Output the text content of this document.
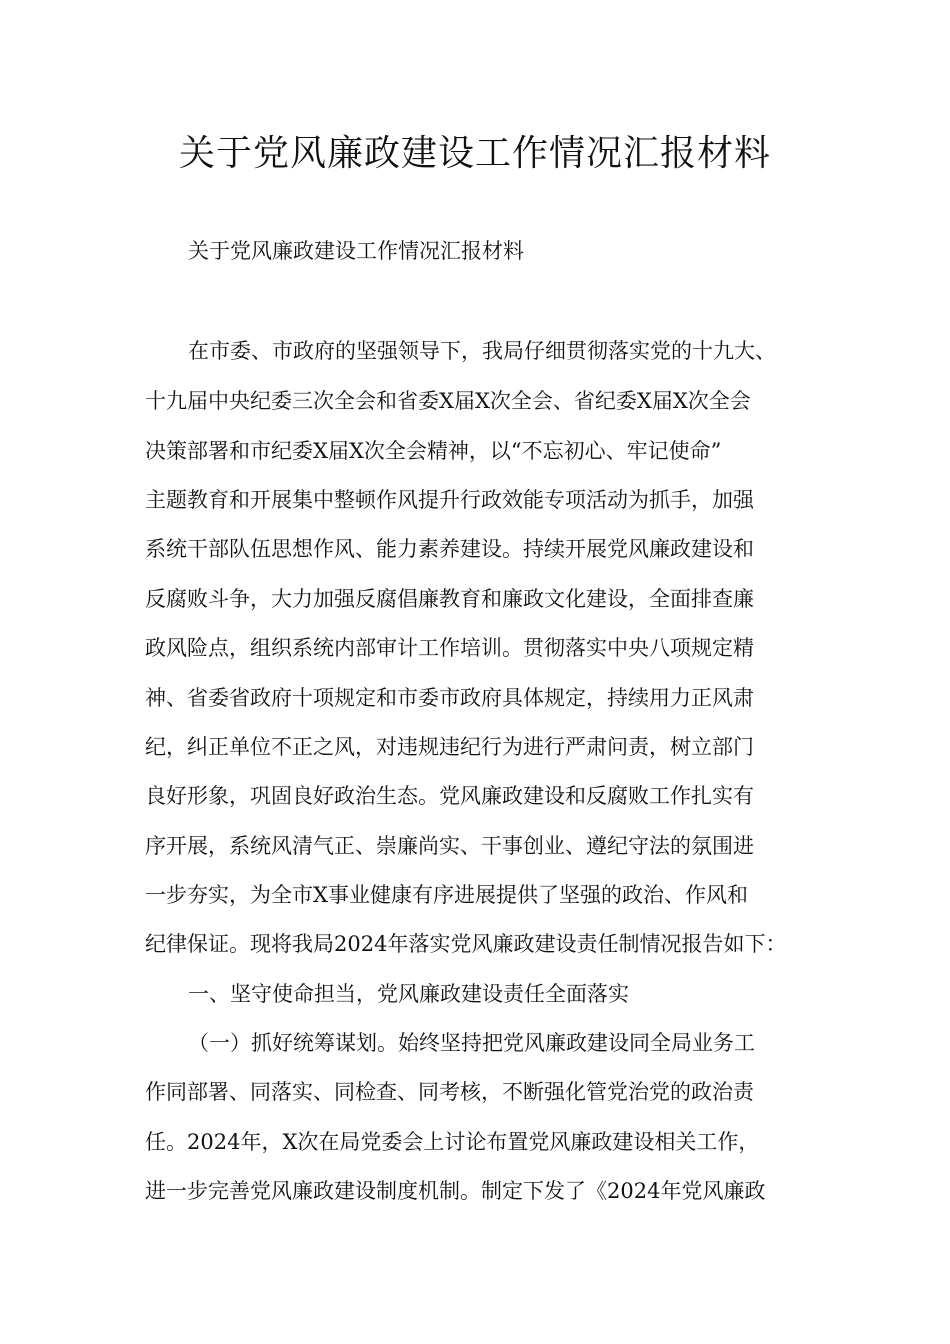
关于党风廉政建设工作情况汇报材料
关于党风廉政建设工作情况汇报材料
在市委、市政府的坚强领导下，我局仔细贯彻落实党的十九大、
十九届中央纪委三次全会和省委X届X次全会、省纪委X届X次全会
决策部署和市纪委X届X次全会精神，以“不忘初心、牢记使命”
主题教育和开展集中整顿作风提升行政效能专项活动为抓手，加强
系统干部队伍思想作风、能力素养建设。持续开展党风廉政建设和
反腐败斗争，大力加强反腐倡廉教育和廉政文化建设，全面排查廉
政风险点，组织系统内部审计工作培训。贯彻落实中央八项规定精
神、省委省政府十项规定和市委市政府具体规定，持续用力正风肃
纪，纠正单位不正之风，对违规违纪行为进行严肃问责，树立部门
良好形象，巩固良好政治生态。党风廉政建设和反腐败工作扎实有
序开展，系统风清气正、崇廉尚实、干事创业、遵纪守法的氛围进
一步夯实，为全市X事业健康有序进展提供了坚强的政治、作风和
纪律保证。现将我局2024年落实党风廉政建设责任制情况报告如下：
一、坚守使命担当，党风廉政建设责任全面落实
（一）抓好统筹谋划。始终坚持把党风廉政建设同全局业务工
作同部署、同落实、同检查、同考核，不断强化管党治党的政治责
任。2024年，X次在局党委会上讨论布置党风廉政建设相关工作，
进一步完善党风廉政建设制度机制。制定下发了《2024年党风廉政
